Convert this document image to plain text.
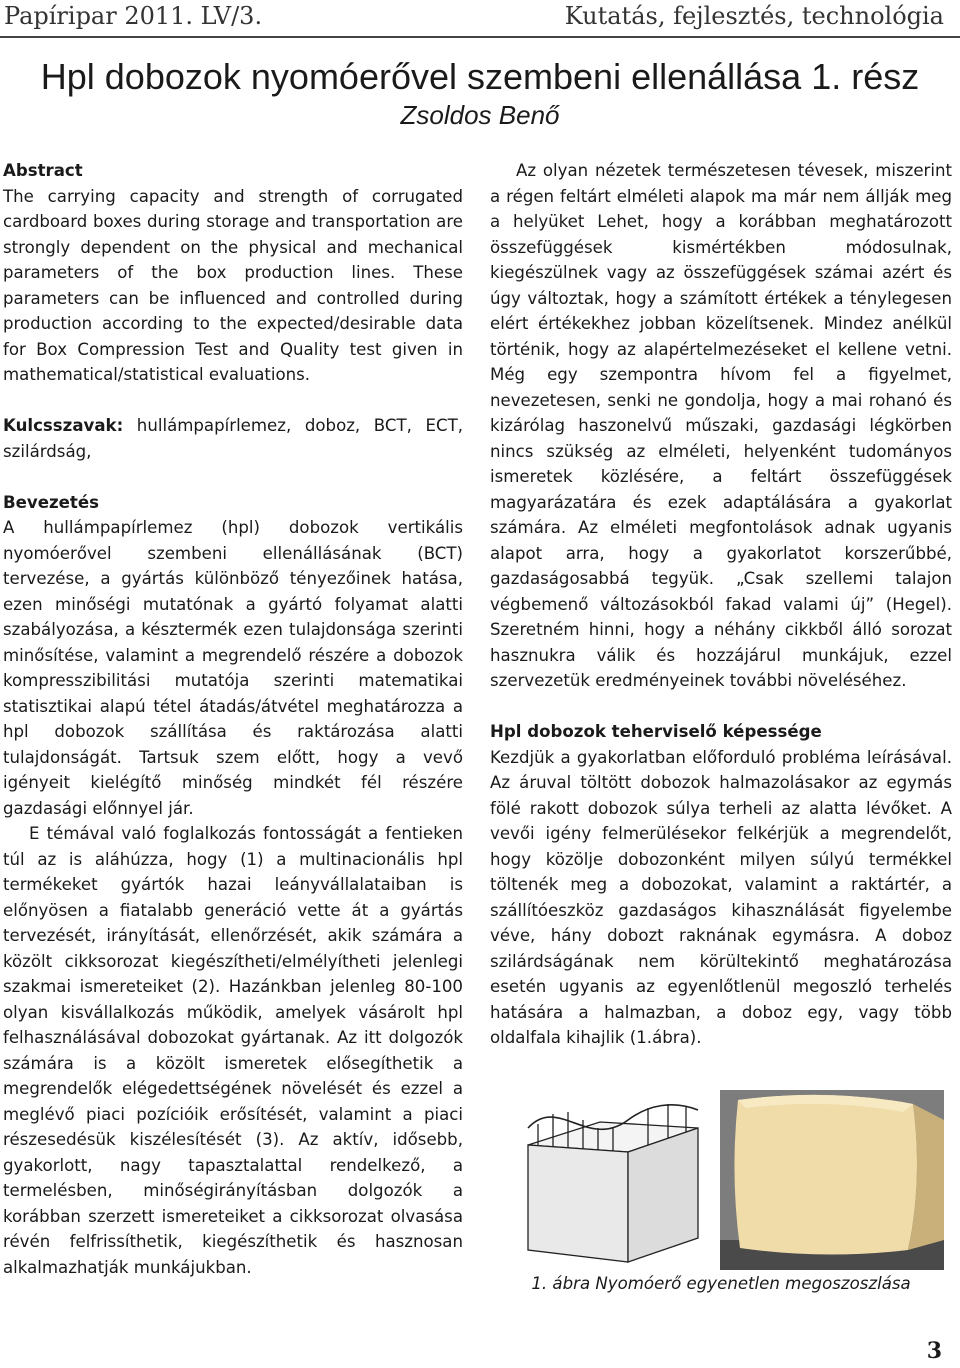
Papíripar 2011. LV/3.	Kutatás, fejlesztés, technológia
Hpl dobozok nyomóerővel szembeni ellenállása 1. rész
Zsoldos Benő

Abstract

The carrying capacity and strength of corrugated cardboard boxes during storage and transportation are strongly dependent on the physical and mechanical parameters of the box production lines. These parameters can be influenced and controlled during production according to the expected/desirable data for Box Compression Test and Quality test given in mathematical/statistical evaluations.

Kulcsszavak: hullámpapírlemez, doboz, BCT, ECT, szilárdság,

Bevezetés

A hullámpapírlemez (hpl) dobozok vertikális nyomóerővel szembeni ellenállásának (BCT) tervezése, a gyártás különböző tényezőinek hatása, ezen minőségi mutatónak a gyártó folyamat alatti szabályozása, a késztermék ezen tulajdonsága szerinti minősítése, valamint a megrendelő részére a dobozok kompresszibilitási mutatója szerinti matematikai statisztikai alapú tétel átadás/átvétel meghatározza a hpl dobozok szállítása és raktározása alatti tulajdonságát. Tartsuk szem előtt, hogy a vevő igényeit kielégítő minőség mindkét fél részére gazdasági előnnyel jár.

E témával való foglalkozás fontosságát a fentieken túl az is aláhúzza, hogy (1) a multinacionális hpl termékeket gyártók hazai leányvállalataiban is előnyösen a fiatalabb generáció vette át a gyártás tervezését, irányítását, ellenőrzését, akik számára a közölt cikksorozat kiegészítheti/elmélyítheti jelenlegi szakmai ismereteiket (2). Hazánkban jelenleg 80-100 olyan kisvállalkozás működik, amelyek vásárolt hpl felhasználásával dobozokat gyártanak. Az itt dolgozók számára is a közölt ismeretek elősegíthetik a megrendelők elégedettségének növelését és ezzel a meglévő piaci pozícióik erősítését, valamint a piaci részesedésük kiszélesítését (3). Az aktív, idősebb, gyakorlott, nagy tapasztalattal rendelkező, a termelésben, minőségirányításban dolgozók a korábban szerzett ismereteiket a cikksorozat olvasása révén felfrissíthetik, kiegészíthetik és hasznosan alkalmazhatják munkájukban.

Az olyan nézetek természetesen tévesek, miszerint a régen feltárt elméleti alapok ma már nem állják meg a helyüket Lehet, hogy a korábban meghatározott összefüggések kismértékben módosulnak, kiegészülnek vagy az összefüggések számai azért és úgy változtak, hogy a számított értékek a ténylegesen elért értékekhez jobban közelítsenek. Mindez anélkül történik, hogy az alapértelmezéseket el kellene vetni. Még egy szempontra hívom fel a figyelmet, nevezetesen, senki ne gondolja, hogy a mai rohanó és kizárólag haszonelvű műszaki, gazdasági légkörben nincs szükség az elméleti, helyenként tudományos ismeretek közlésére, a feltárt összefüggések magyarázatára és ezek adaptálására a gyakorlat számára. Az elméleti megfontolások adnak ugyanis alapot arra, hogy a gyakorlatot korszerűbbé, gazdaságosabbá tegyük. „Csak szellemi talajon végbemenő változásokból fakad valami új” (Hegel). Szeretném hinni, hogy a néhány cikkből álló sorozat hasznukra válik és hozzájárul munkájuk, ezzel szervezetük eredményeinek további növeléséhez.

Hpl dobozok teherviselő képessége

Kezdjük a gyakorlatban előforduló probléma leírásával. Az áruval töltött dobozok halmazolásakor az egymás fölé rakott dobozok súlya terheli az alatta lévőket. A vevői igény felmerülésekor felkérjük a megrendelőt, hogy közölje dobozonként milyen súlyú termékkel töltenék meg a dobozokat, valamint a raktártér, a szállítóeszköz gazdaságos kihasználását figyelembe véve, hány dobozt raknának egymásra. A doboz szilárdságának nem körültekintő meghatározása esetén ugyanis az egyenlőtlenül megoszló terhelés hatására a halmazban, a doboz egy, vagy több oldalfala kihajlik (1.ábra).

1. ábra Nyomóerő egyenetlen megoszoszlása
3
